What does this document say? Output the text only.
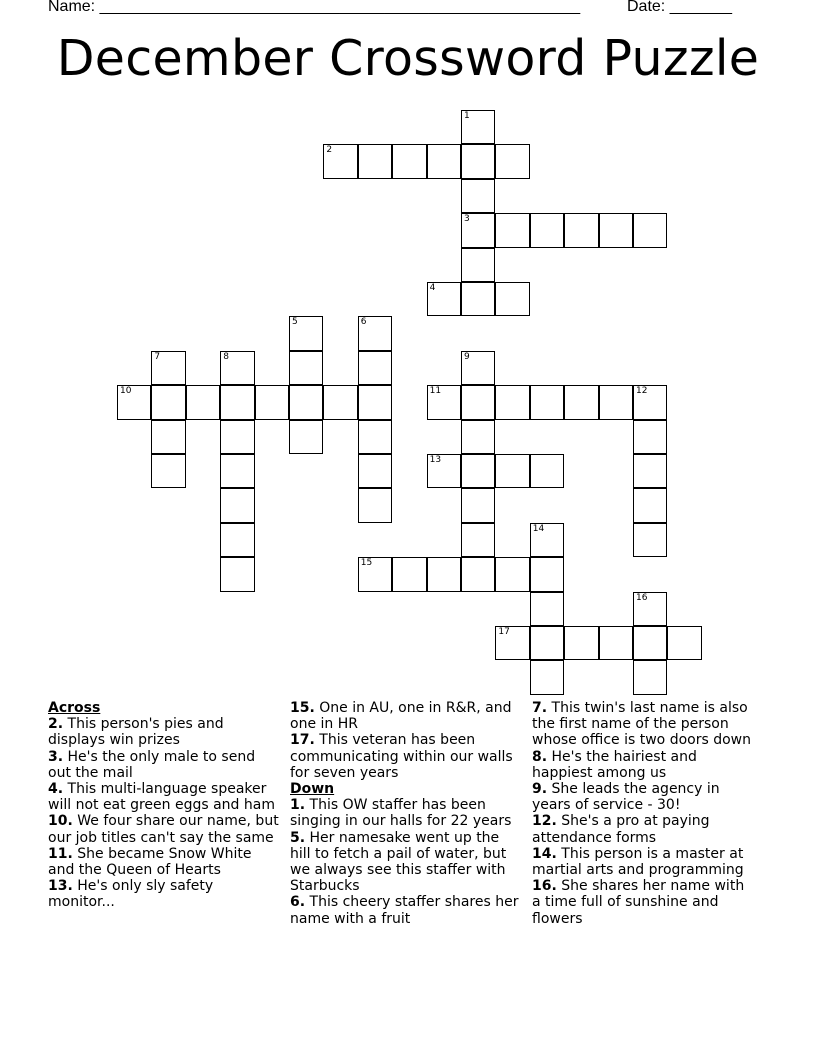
Name: ______________________________________________________	Date: _______
December Crossword Puzzle
1
3
2
4
5	6
7	8	9
10	11	12
13
14
15
16
17

Across

2. This person's pies and displays win prizes

3. He's the only male to send out the mail

4. This multi-language speaker will not eat green eggs and ham

10. We four share our name, but our job titles can't say the same

11. She became Snow White and the Queen of Hearts

13. He's only sly safety monitor...

15. One in AU, one in R&R, and one in HR

17. This veteran has been communicating within our walls for seven years

Down

1. This OW staffer has been singing in our halls for 22 years

5. Her namesake went up the hill to fetch a pail of water, but we always see this staffer with Starbucks

6. This cheery staffer shares her name with a fruit

7. This twin's last name is also the first name of the person whose office is two doors down

8. He's the hairiest and happiest among us

9. She leads the agency in years of service - 30!

12. She's a pro at paying attendance forms

14. This person is a master at martial arts and programming

16. She shares her name with a time full of sunshine and flowers
